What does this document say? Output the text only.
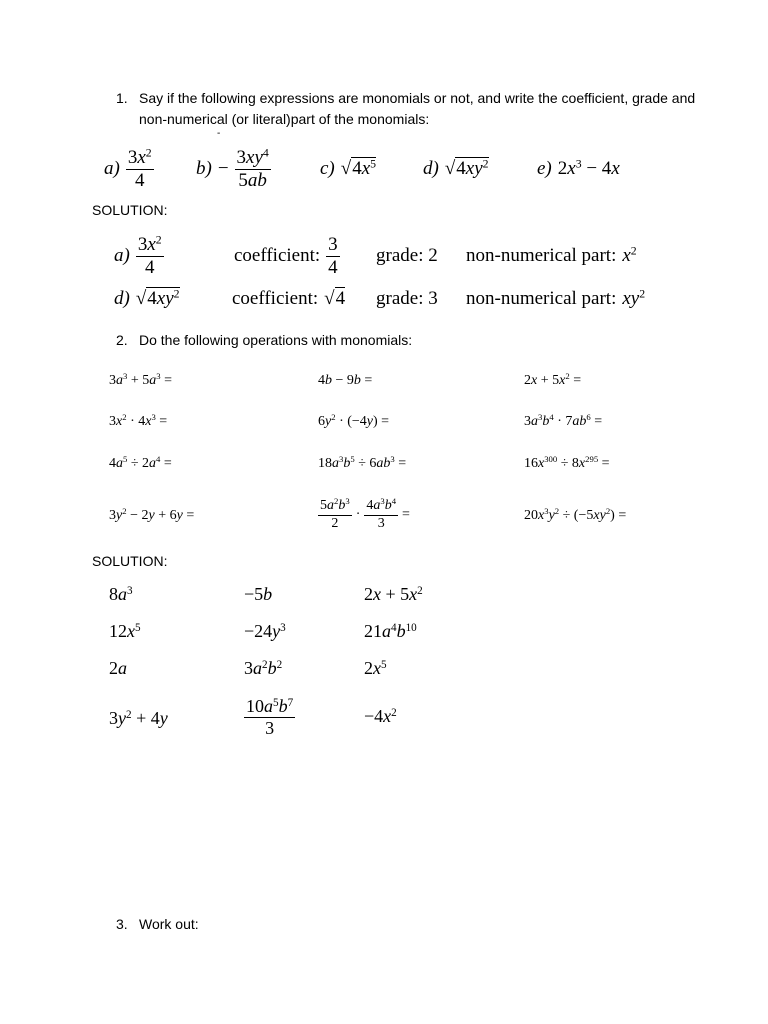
1. Say if the following expressions are monomials or not, and write the coefficient, grade and non-numerical (or literal)part of the monomials:
-
$a) \frac{3x^2}{4} b) - \frac{3xy^4}{5ab}$	c) $√4x^5$ d) $√4xy^2$	e) $2x^3 - 4x$
SOLUTION:
$a) \frac{3x^2}{4}$	coefficient: $\frac{3}{4}$ grade: 2 non-numerical part: $x^2$
d) $√4xy^2$	coefficient: √4 grade: 3 non-numerical part: $xy^2$
2. Do the following operations with monomials:
$3a^3 + 5a^3$ =	4b − 9b =	$2x + 5x^2$ =
$3x^2 \cdot 4x^3$ =	$6y^2 \cdot (-4y)$ =	$3a^3b^4 \cdot 7ab^6$ =
$4a^5 \div 2a^4$ =	$18a^3b^5 \div 6ab^3$ =	$16x^{300} \div 8x^{295}$ =
$3y^2 - 2y + 6y$ =	$\frac{5a^2b^3}{2} \cdot \frac{4a^3b^4}{3}$ =	$20x^3y^2 \div (-5xy^2)$ =
SOLUTION:
$8a^3$	−5b	$2x + 5x^2$
$12x^5$	$-24y^3$	$21a^4b^{10}$
2a	$3a^2b^2$	$2x^5$
$3y^2 + 4y$	$\frac{10a^5b^7}{3}$	$-4x^2$
3. Work out:
